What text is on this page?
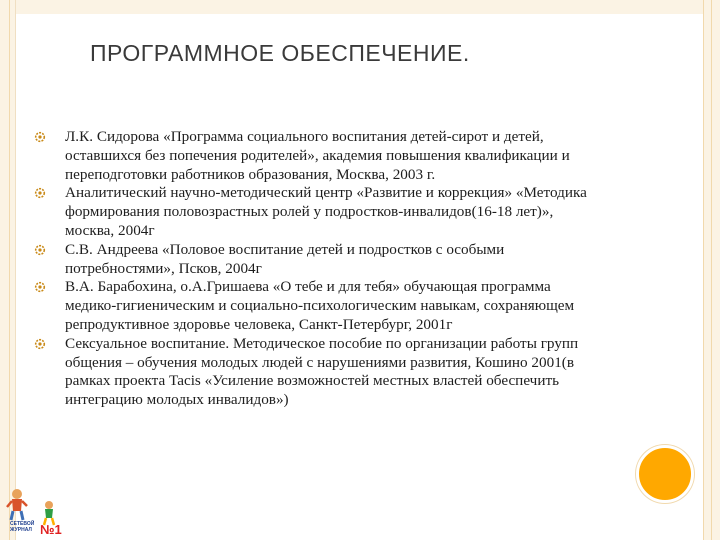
ПРОГРАММНОЕ ОБЕСПЕЧЕНИЕ.
Л.К. Сидорова «Программа социального воспитания детей-сирот и детей, оставшихся без попечения родителей», академия повышения квалификации и переподготовки работников образования, Москва, 2003 г.
Аналитический научно-методический центр «Развитие и коррекция» «Методика формирования половозрастных ролей у подростков-инвалидов(16-18 лет)», москва, 2004г
С.В. Андреева «Половое воспитание детей и подростков с особыми потребностями», Псков, 2004г
В.А. Барабохина, о.А.Гришаева «О тебе и для тебя» обучающая программа медико-гигиеническим и социально-психологическим навыкам, сохраняющем репродуктивное здоровье человека, Санкт-Петербург, 2001г
Сексуальное воспитание. Методическое пособие по организации работы групп общения – обучения молодых людей с нарушениями развития, Кошино 2001(в рамках проекта Tacis «Усиление возможностей местных властей обеспечить интеграцию молодых инвалидов»)
СЕТЕВОЙ
ЖУРНАЛ №1
